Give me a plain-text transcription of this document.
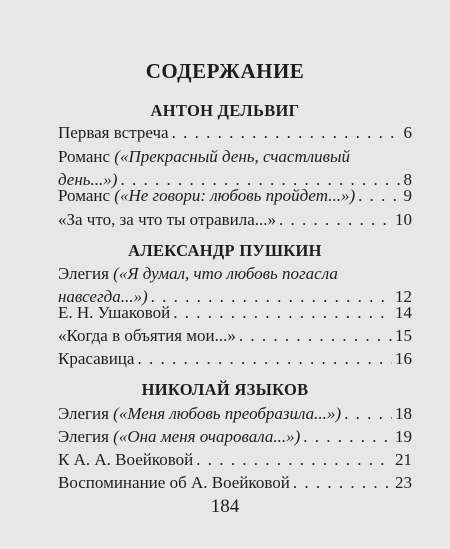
СОДЕРЖАНИЕ
АНТОН ДЕЛЬВИГ
Первая встреча . . .	6
Романс («Прекрасный день, счастливый
день...») . . .	8
Романс («Не говори: любовь пройдет...») . . .	9
«За что, за что ты отравила...» . . .	10
АЛЕКСАНДР ПУШКИН
Элегия («Я думал, что любовь погасла
навсегда...») . . .	12
Е. Н. Ушаковой . . .	14
«Когда в объятия мои...» . . .	15
Красавица . . .	16
НИКОЛАЙ ЯЗЫКОВ
Элегия («Меня любовь преобразила...») . . .	18
Элегия («Она меня очаровала...») . . .	19
К А. А. Воейковой . . .	21
Воспоминание об А. Воейковой . . .	23
184
